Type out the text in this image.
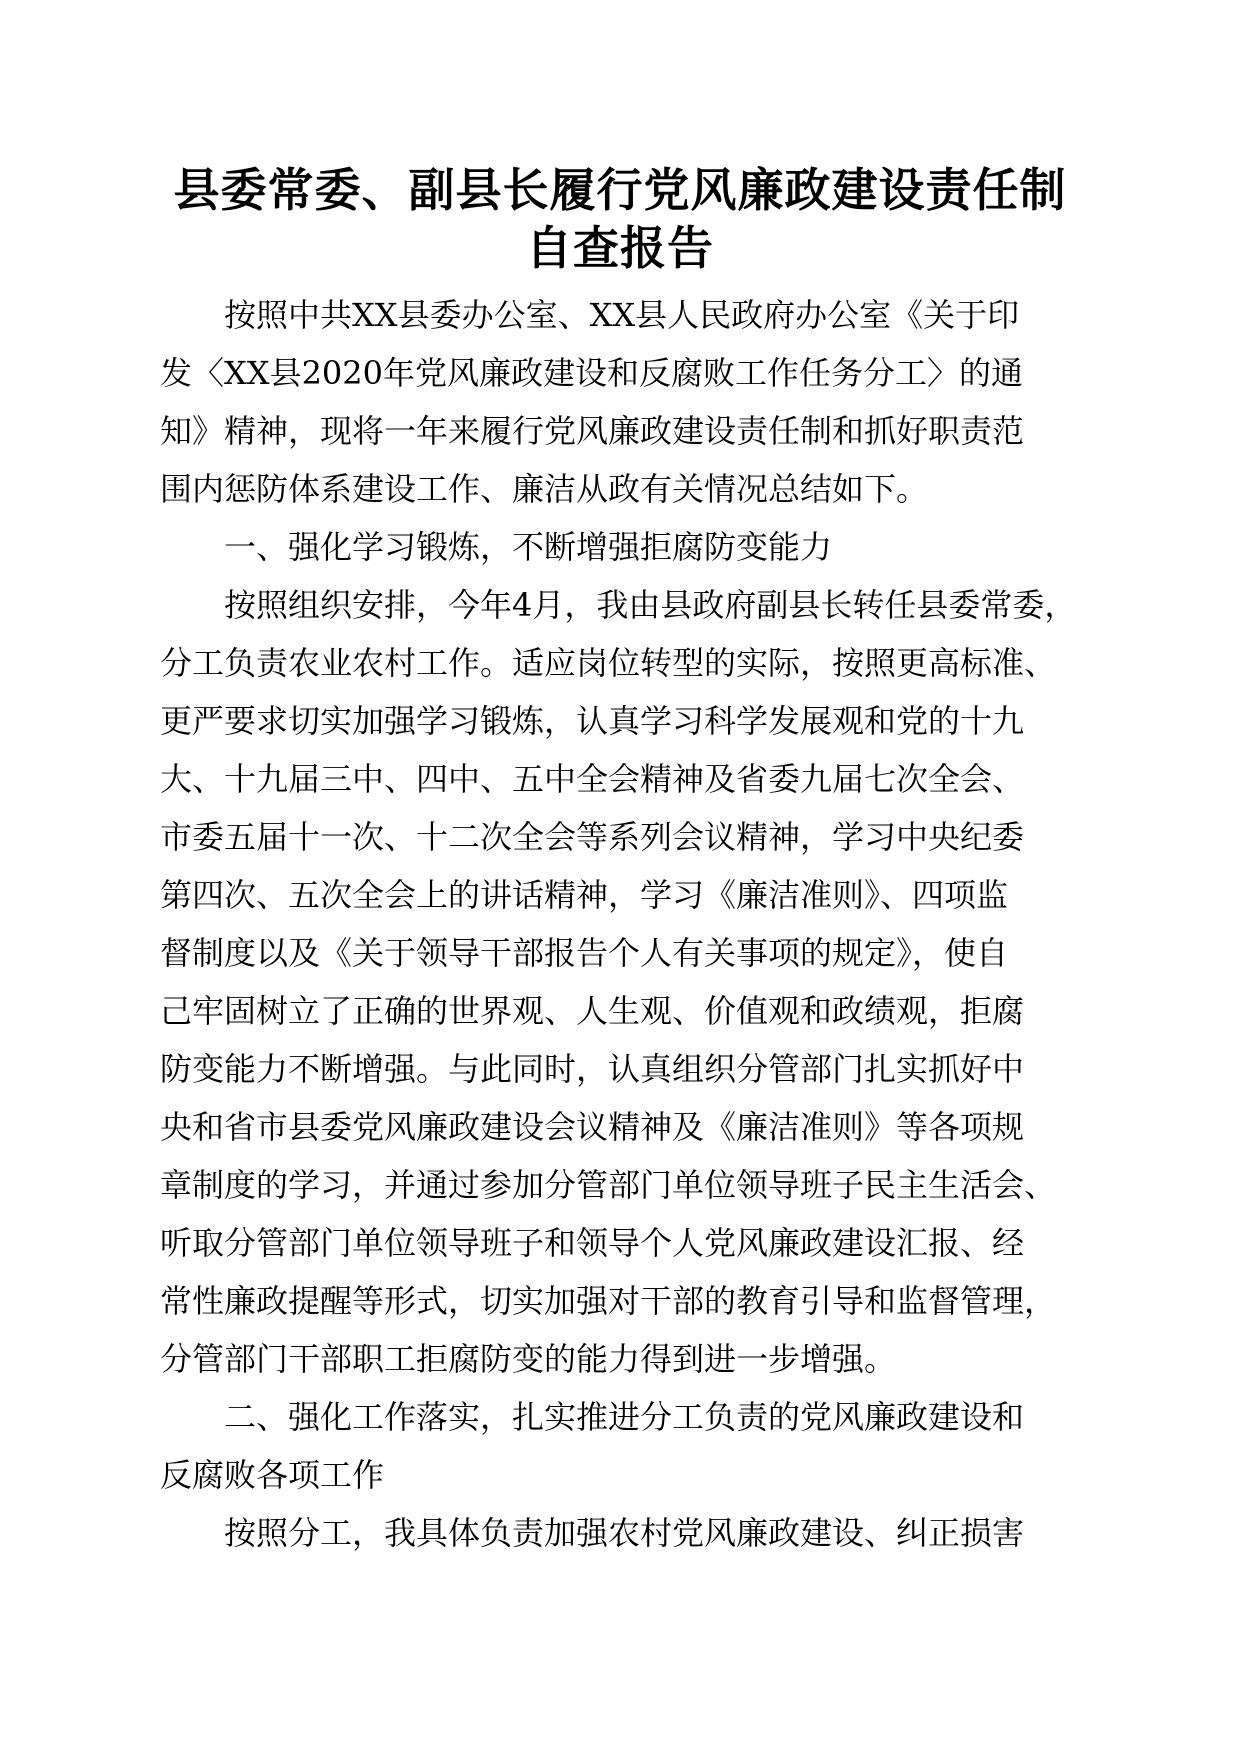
县委常委、副县长履行党风廉政建设责任制
自查报告
按照中共XX县委办公室、XX县人民政府办公室《关于印
发〈XX县2020年党风廉政建设和反腐败工作任务分工〉的通
知》精神，现将一年来履行党风廉政建设责任制和抓好职责范
围内惩防体系建设工作、廉洁从政有关情况总结如下。
一、强化学习锻炼，不断增强拒腐防变能力
按照组织安排，今年4月，我由县政府副县长转任县委常委，
分工负责农业农村工作。适应岗位转型的实际，按照更高标准、
更严要求切实加强学习锻炼，认真学习科学发展观和党的十九
大、十九届三中、四中、五中全会精神及省委九届七次全会、
市委五届十一次、十二次全会等系列会议精神，学习中央纪委
第四次、五次全会上的讲话精神，学习《廉洁准则》、四项监
督制度以及《关于领导干部报告个人有关事项的规定》，使自
己牢固树立了正确的世界观、人生观、价值观和政绩观，拒腐
防变能力不断增强。与此同时，认真组织分管部门扎实抓好中
央和省市县委党风廉政建设会议精神及《廉洁准则》等各项规
章制度的学习，并通过参加分管部门单位领导班子民主生活会、
听取分管部门单位领导班子和领导个人党风廉政建设汇报、经
常性廉政提醒等形式，切实加强对干部的教育引导和监督管理，
分管部门干部职工拒腐防变的能力得到进一步增强。
二、强化工作落实，扎实推进分工负责的党风廉政建设和
反腐败各项工作
按照分工，我具体负责加强农村党风廉政建设、纠正损害
